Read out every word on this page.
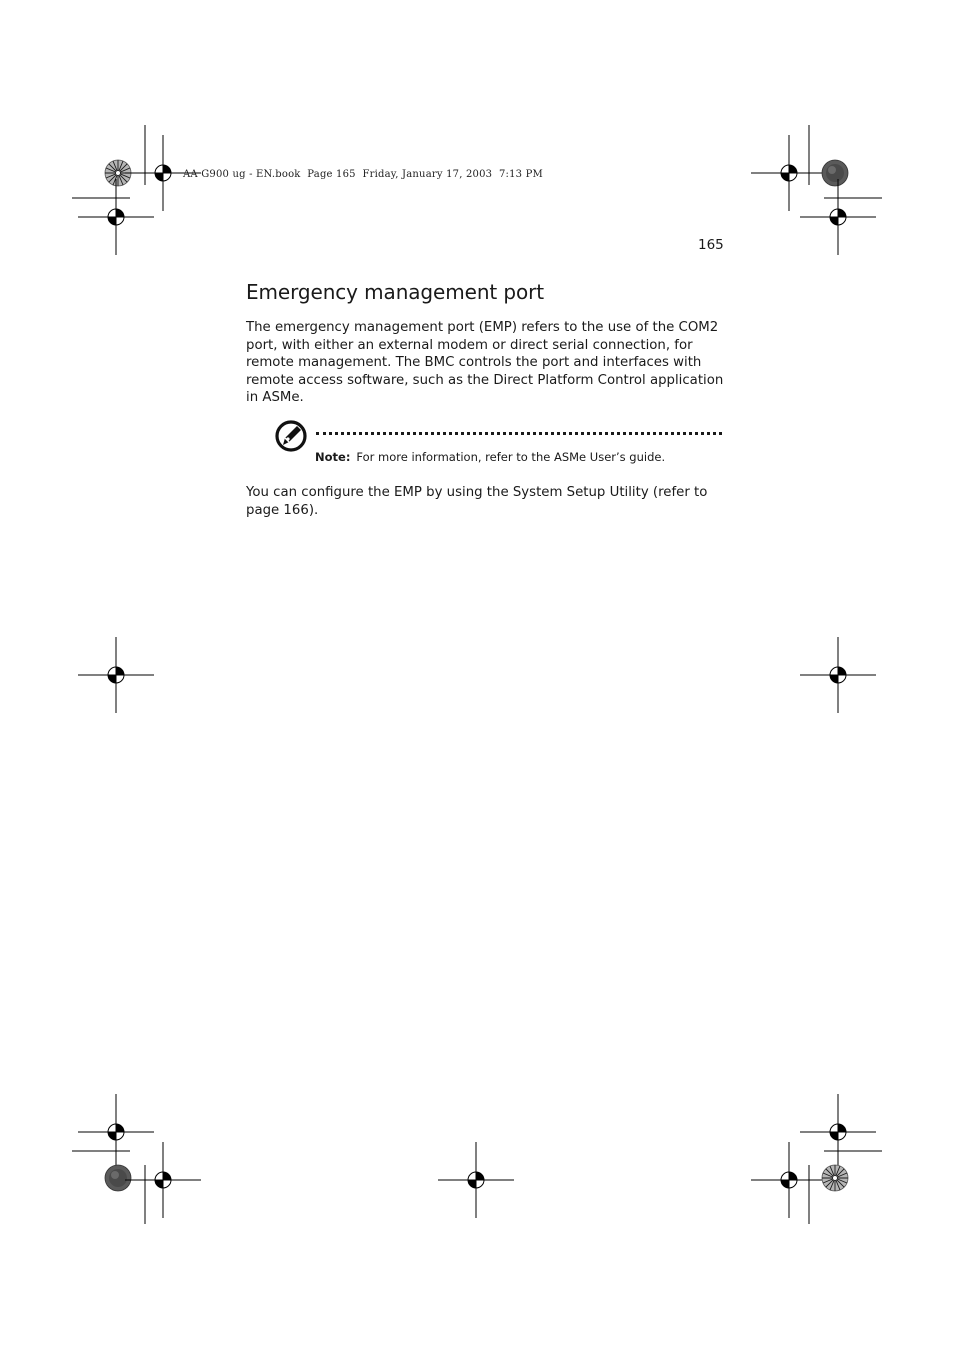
AA G900 ug - EN.book  Page 165  Friday, January 17, 2003  7:13 PM
165
Emergency management port

The emergency management port (EMP) refers to the use of the COM2 port, with either an external modem or direct serial connection, for remote management. The BMC controls the port and interfaces with remote access software, such as the Direct Platform Control application in ASMe.

Note: For more information, refer to the ASMe User’s guide.

You can configure the EMP by using the System Setup Utility (refer to page 166).
